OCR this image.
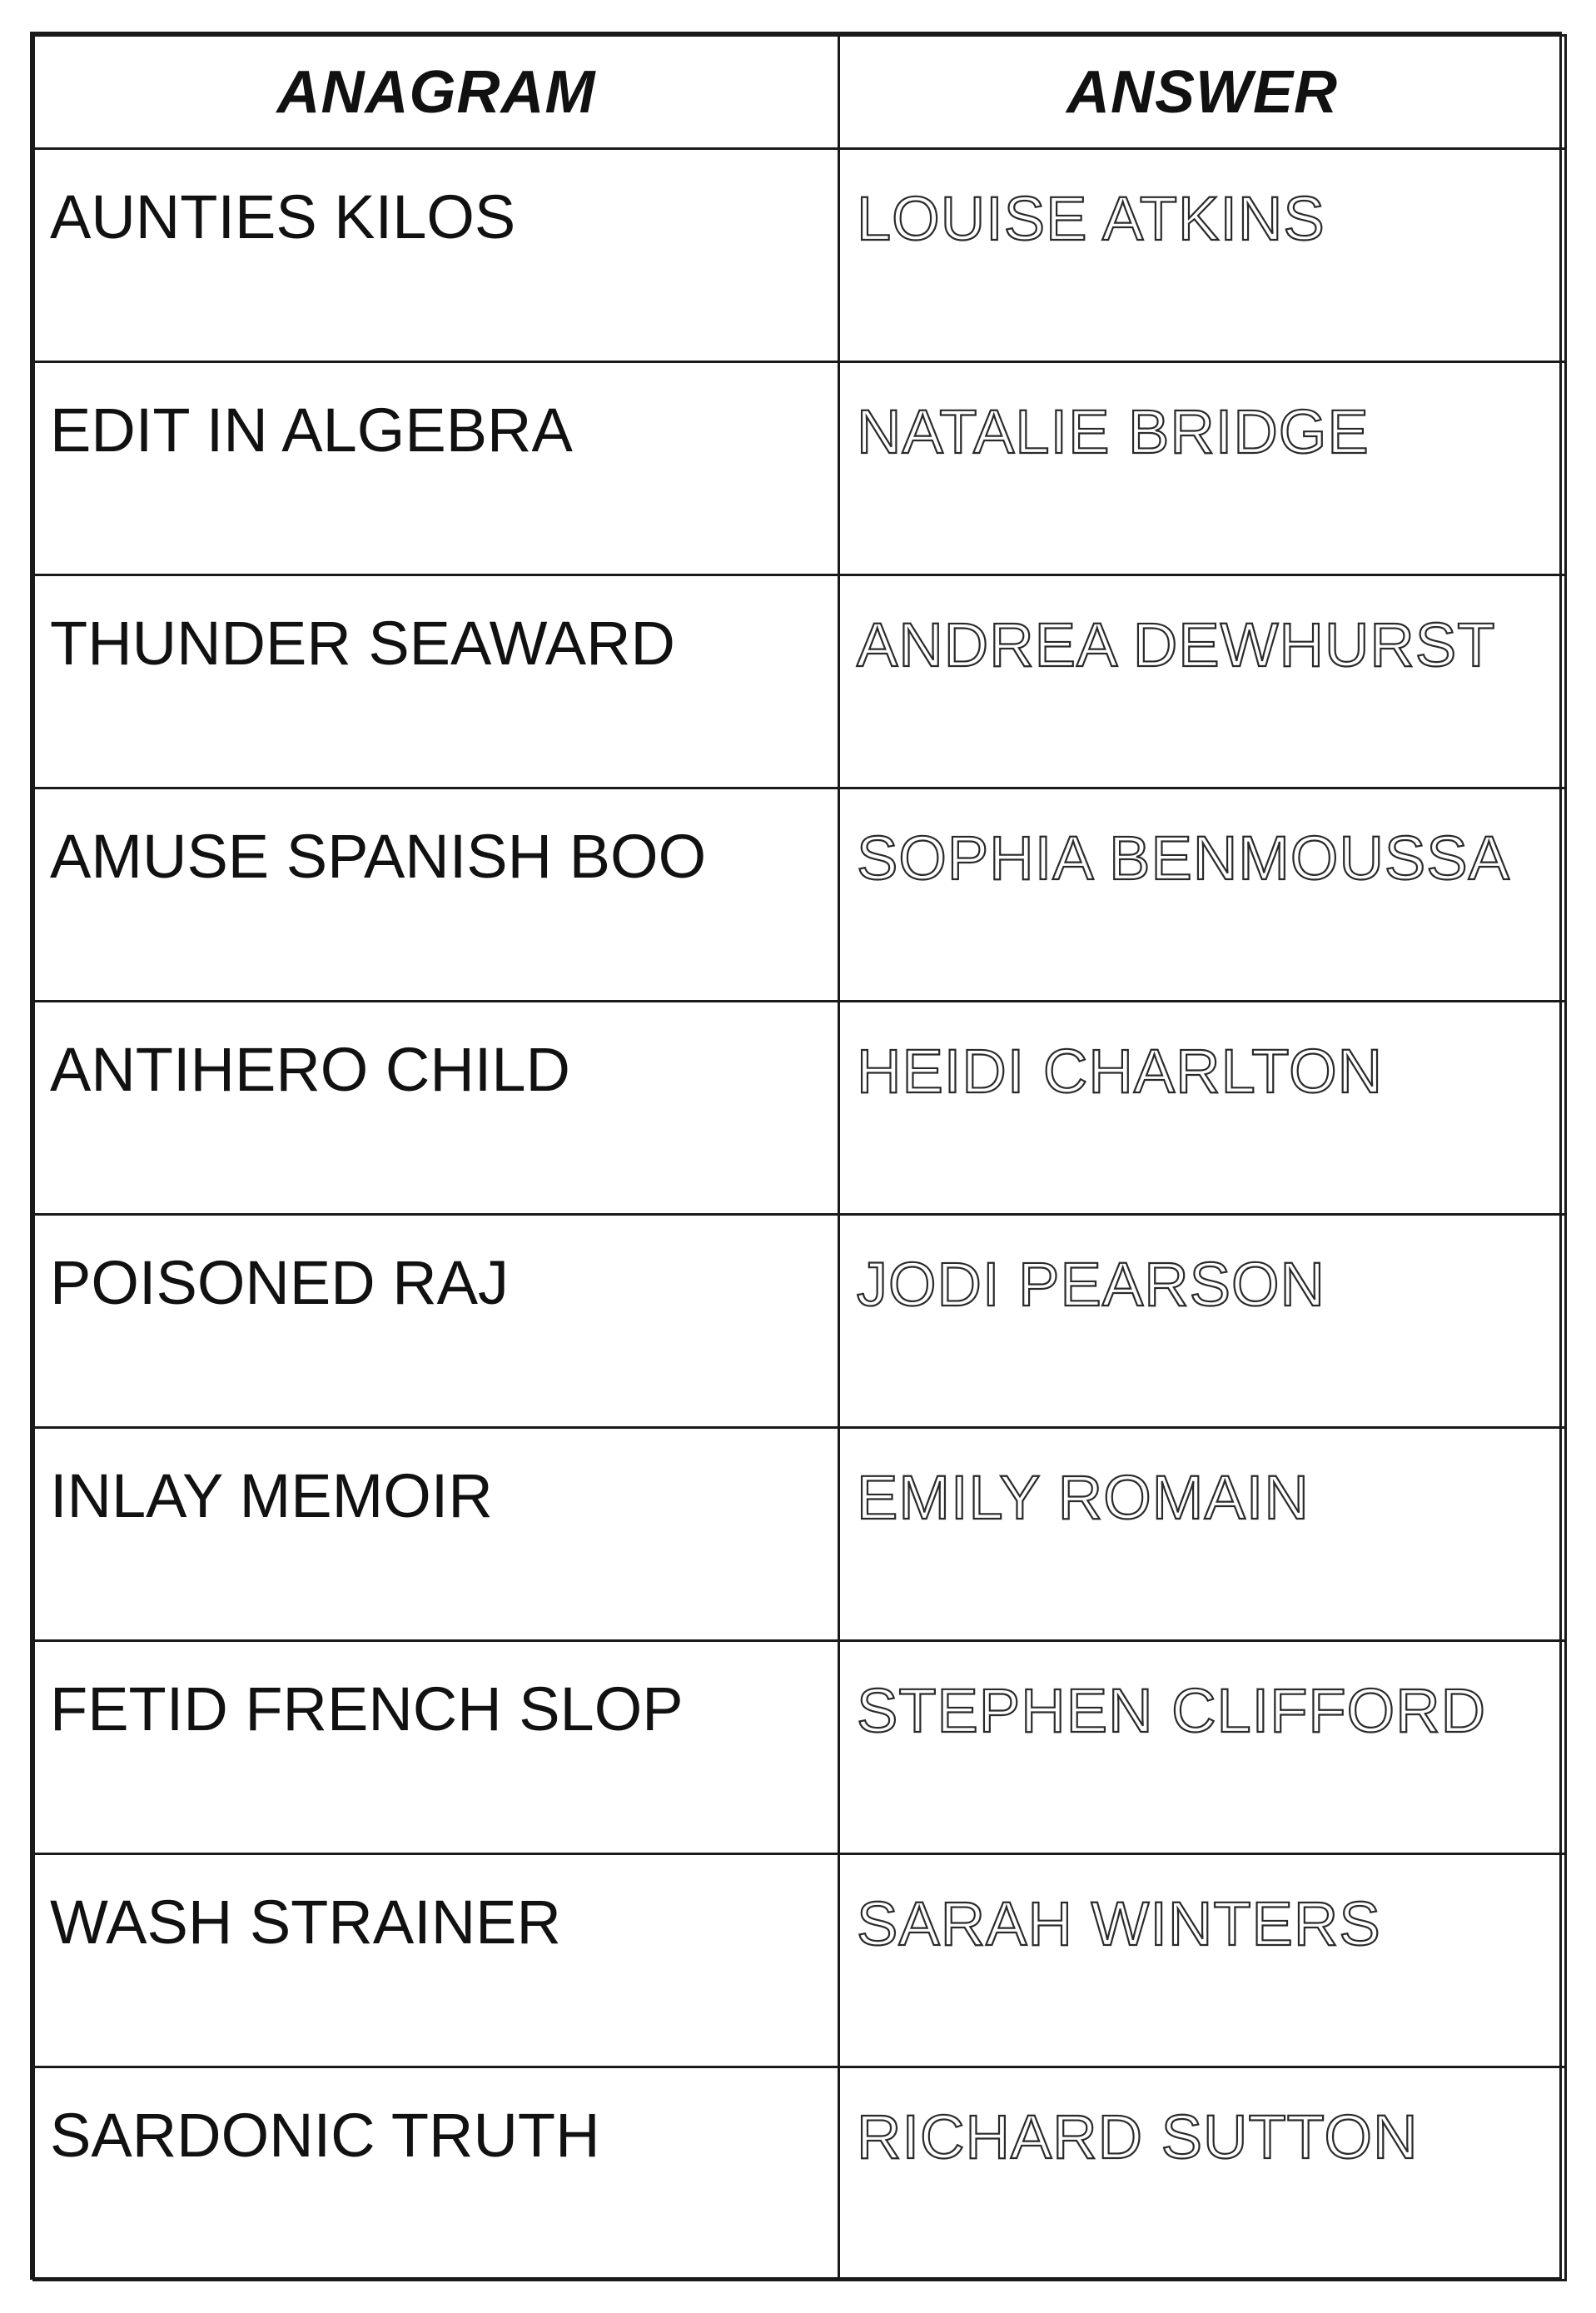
ANAGRAM	ANSWER

AUNTIES KILOS	LOUISE ATKINS

EDIT IN ALGEBRA	NATALIE BRIDGE

THUNDER SEAWARD	ANDREA DEWHURST

AMUSE SPANISH BOO	SOPHIA BENMOUSSA

ANTIHERO CHILD	HEIDI CHARLTON

POISONED RAJ	JODI PEARSON

INLAY MEMOIR	EMILY ROMAIN

FETID FRENCH SLOP	STEPHEN CLIFFORD

WASH STRAINER	SARAH WINTERS

SARDONIC TRUTH	RICHARD SUTTON
